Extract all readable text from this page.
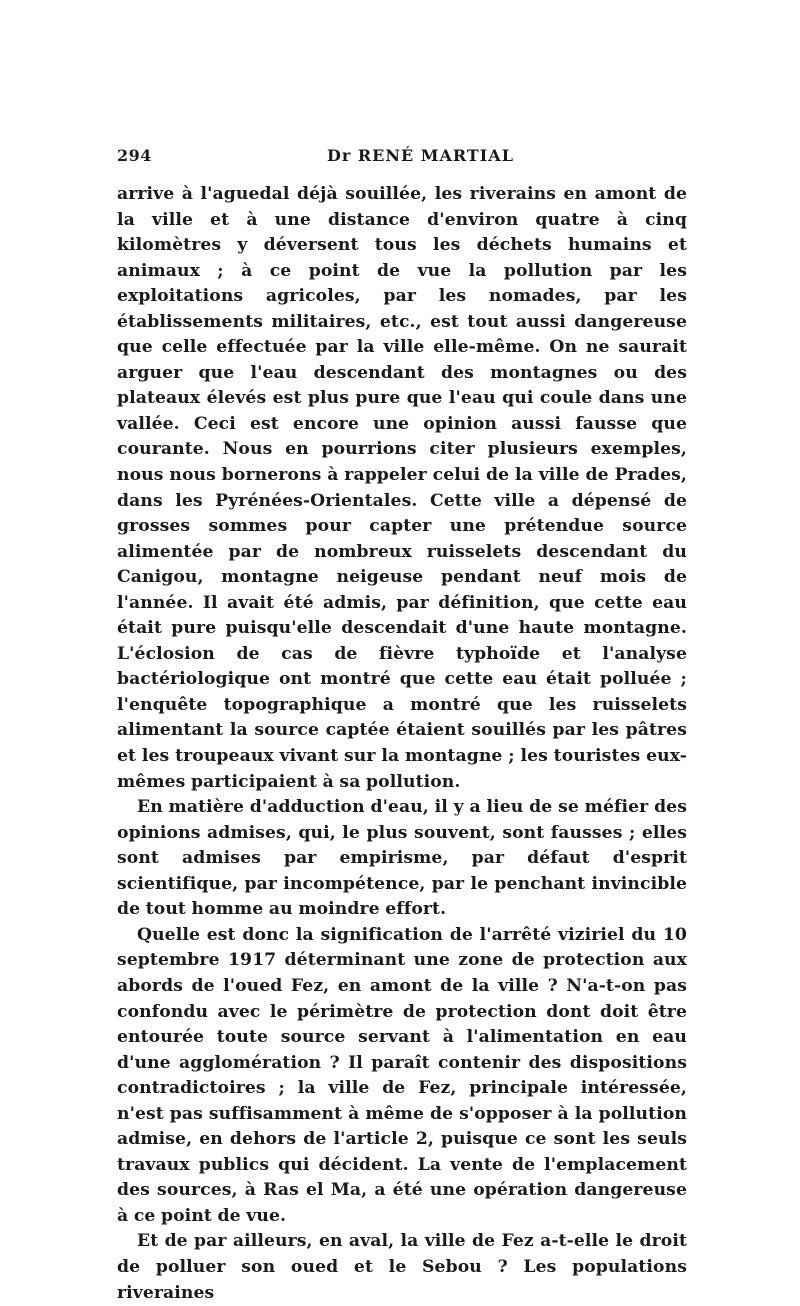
294	Dr RENÉ MARTIAL

arrive à l'aguedal déjà souillée, les riverains en amont de la ville et à une distance d'environ quatre à cinq kilomètres y déversent tous les déchets humains et animaux ; à ce point de vue la pollution par les exploitations agricoles, par les nomades, par les établissements militaires, etc., est tout aussi dangereuse que celle effectuée par la ville elle-même. On ne saurait arguer que l'eau descendant des montagnes ou des plateaux élevés est plus pure que l'eau qui coule dans une vallée. Ceci est encore une opinion aussi fausse que courante. Nous en pourrions citer plusieurs exemples, nous nous bornerons à rappeler celui de la ville de Prades, dans les Pyrénées-Orientales. Cette ville a dépensé de grosses sommes pour capter une prétendue source alimentée par de nombreux ruisselets descendant du Canigou, montagne neigeuse pendant neuf mois de l'année. Il avait été admis, par définition, que cette eau était pure puisqu'elle descendait d'une haute montagne. L'éclosion de cas de fièvre typhoïde et l'analyse bactériologique ont montré que cette eau était polluée ; l'enquête topographique a montré que les ruisselets alimentant la source captée étaient souillés par les pâtres et les troupeaux vivant sur la montagne ; les touristes eux-mêmes participaient à sa pollution.

En matière d'adduction d'eau, il y a lieu de se méfier des opinions admises, qui, le plus souvent, sont fausses ; elles sont admises par empirisme, par défaut d'esprit scientifique, par incompétence, par le penchant invincible de tout homme au moindre effort.

Quelle est donc la signification de l'arrêté viziriel du 10 septembre 1917 déterminant une zone de protection aux abords de l'oued Fez, en amont de la ville ? N'a-t-on pas confondu avec le périmètre de protection dont doit être entourée toute source servant à l'alimentation en eau d'une agglomération ? Il paraît contenir des dispositions contradictoires ; la ville de Fez, principale intéressée, n'est pas suffisamment à même de s'opposer à la pollution admise, en dehors de l'article 2, puisque ce sont les seuls travaux publics qui décident. La vente de l'emplacement des sources, à Ras el Ma, a été une opération dangereuse à ce point de vue.

Et de par ailleurs, en aval, la ville de Fez a-t-elle le droit de polluer son oued et le Sebou ? Les populations riveraines
